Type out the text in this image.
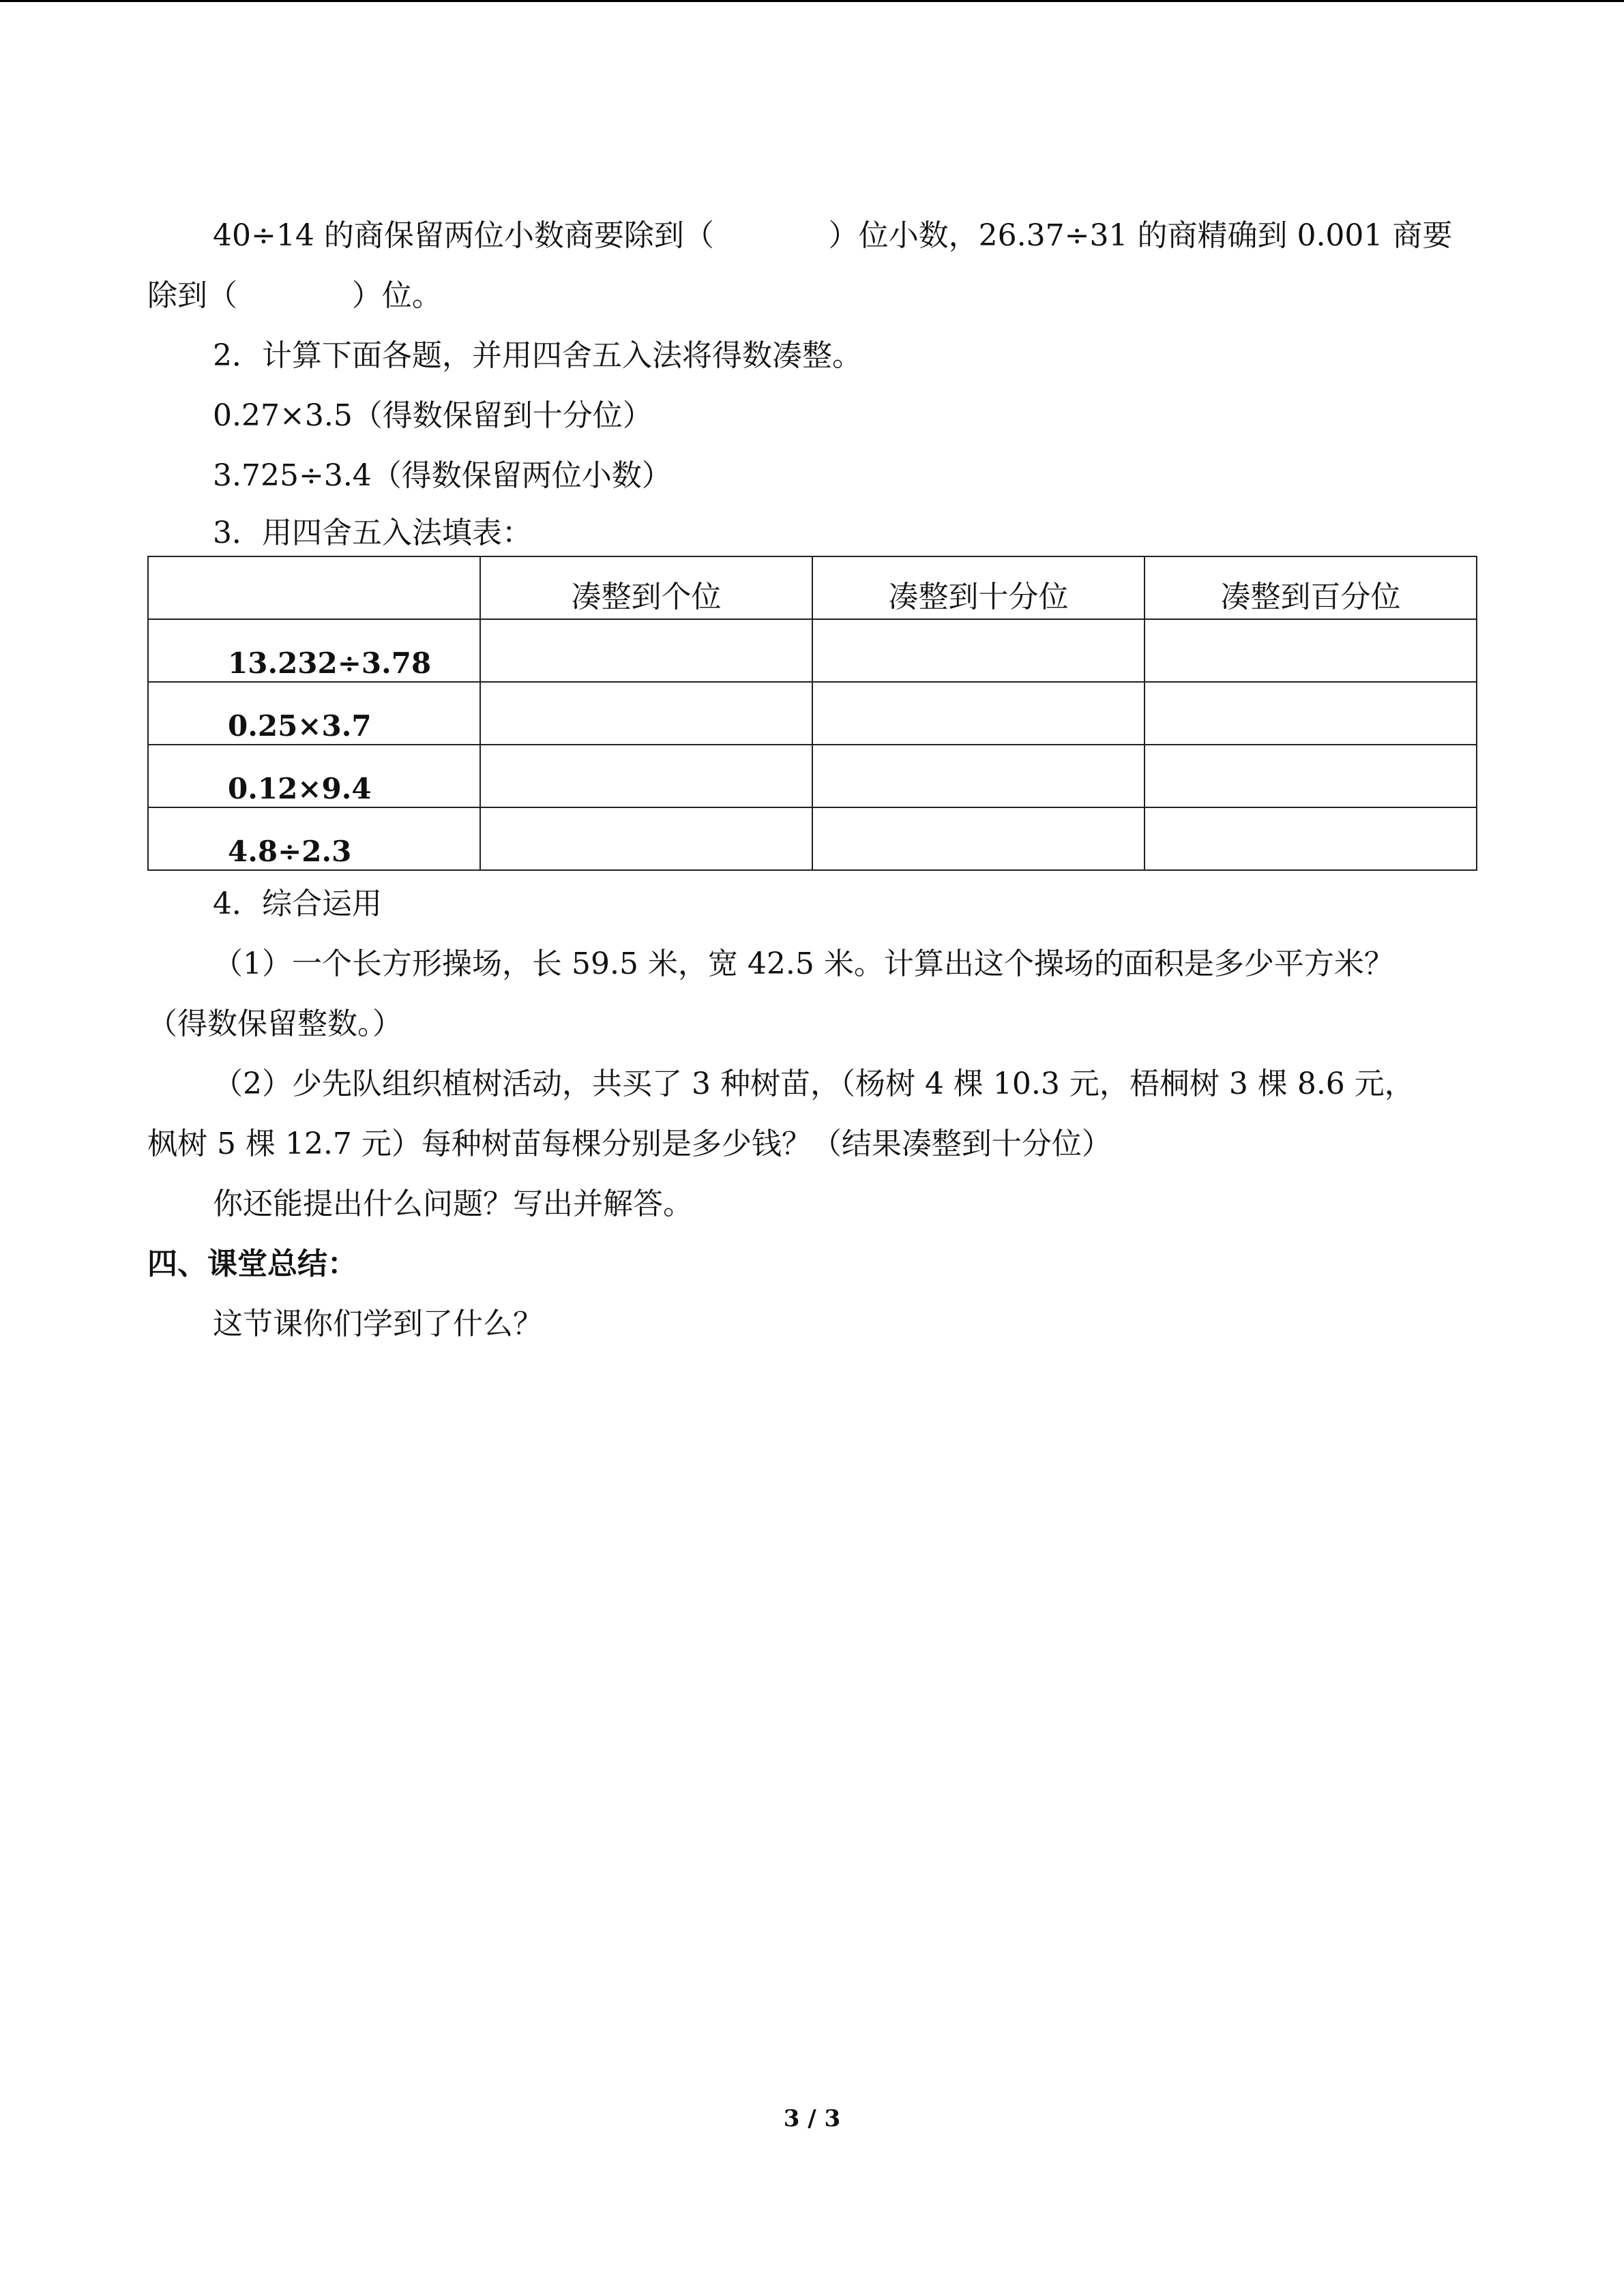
40÷14 的商保留两位小数商要除到（            ）位小数，26.37÷31 的商精确到 0.001 商要
除到（            ）位。
2．计算下面各题，并用四舍五入法将得数凑整。
0.27×3.5（得数保留到十分位）
3.725÷3.4（得数保留两位小数）
3．用四舍五入法填表：
	凑整到个位	凑整到十分位	凑整到百分位
13.232÷3.78			
0.25×3.7			
0.12×9.4			
4.8÷2.3			
4．综合运用
（1）一个长方形操场，长 59.5 米，宽 42.5 米。计算出这个操场的面积是多少平方米？
（得数保留整数。）
（2）少先队组织植树活动，共买了 3 种树苗，（杨树 4 棵 10.3 元，梧桐树 3 棵 8.6 元，
枫树 5 棵 12.7 元）每种树苗每棵分别是多少钱？（结果凑整到十分位）
你还能提出什么问题？写出并解答。
四、课堂总结：
这节课你们学到了什么？
3 / 3
